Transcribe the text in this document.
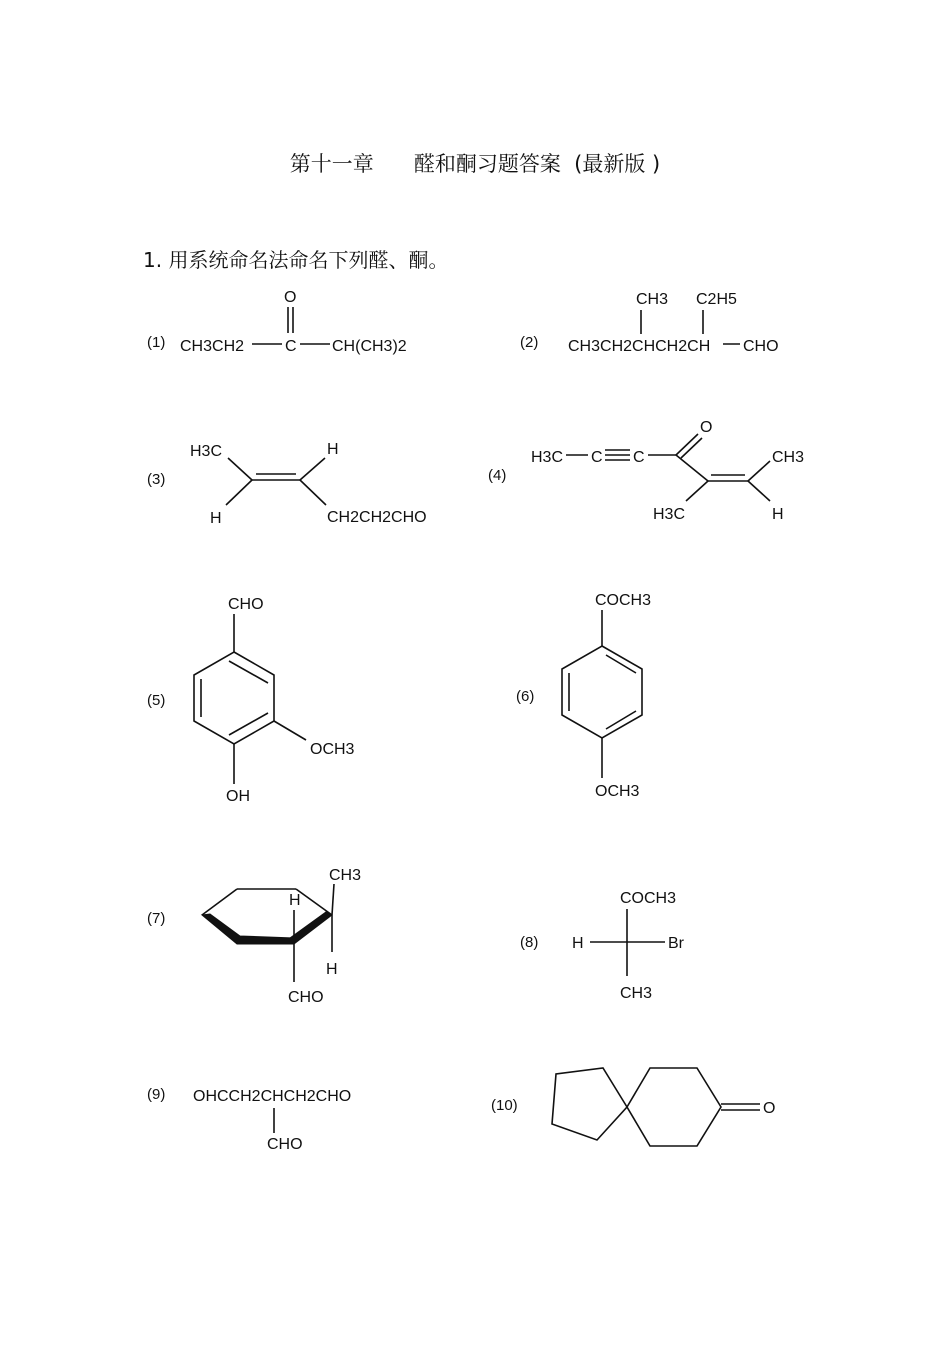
第十一章      醛和酮习题答案  (最新版 )
1. 用系统命名法命名下列醛、酮。
(1)	(2)
(3)	(4)
(5)	(6)
(7)
(8)
(9)
(10)
CH3CH2	C
O
CH(CH3)2	CH3CH2CHCH2CH
CH3 C2H5
CHO
H3C	H
H	CH2CH2CHO
H3C C C
O
CH3
H3C	H
CHO
OCH3
OH
COCH3
OCH3
CH3
H
H
CHO
COCH3
H	Br
CH3
OHCCH2CHCH2CHO
CHO
O
